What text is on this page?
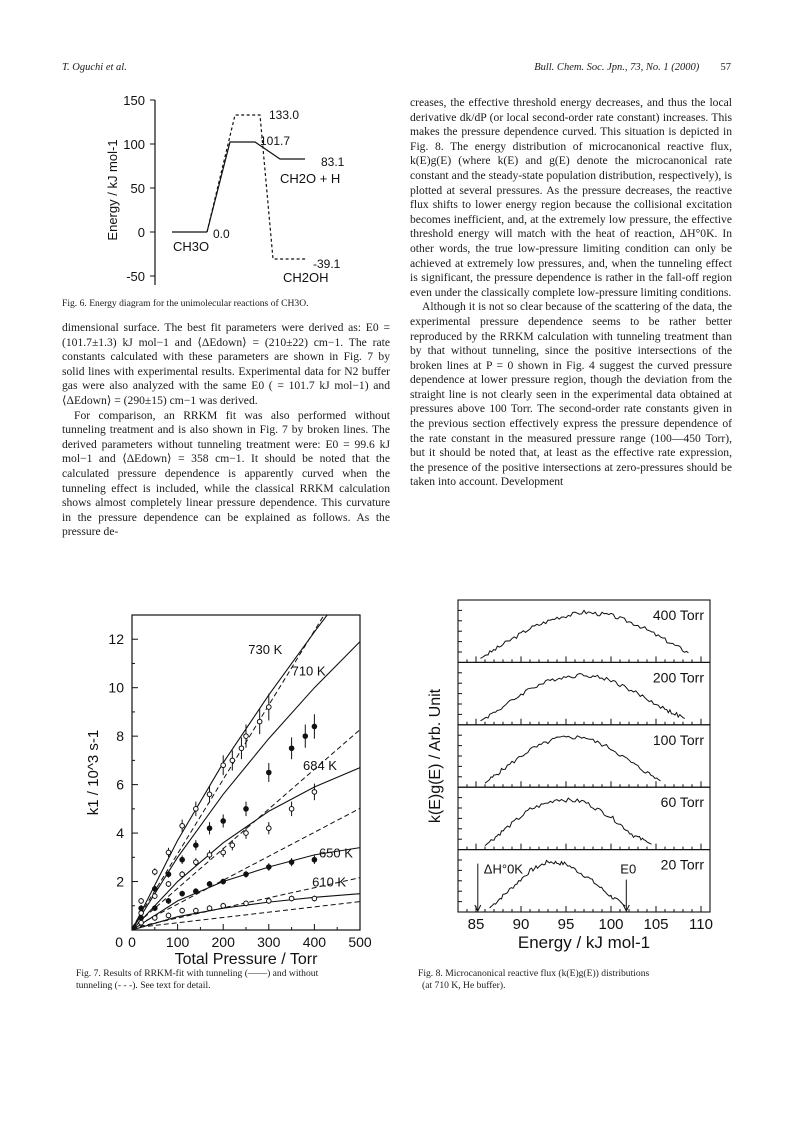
T. Oguchi et al.	Bull. Chem. Soc. Jpn., 73, No. 1 (2000) 57
150
100
50
0
-50
Energy / kJ mol-1
133.0
101.7
83.1
CH2O + H
0.0
CH3O
-39.1
CH2OH
Fig. 6. Energy diagram for the unimolecular reactions of CH3O.

dimensional surface. The best fit parameters were derived as: E0 = (101.7±1.3) kJ mol−1 and ⟨ΔEdown⟩ = (210±22) cm−1. The rate constants calculated with these parameters are shown in Fig. 7 by solid lines with experimental results. Experimental data for N2 buffer gas were also analyzed with the same E0 ( = 101.7 kJ mol−1) and ⟨ΔEdown⟩ = (290±15) cm−1 was derived.

For comparison, an RRKM fit was also performed without tunneling treatment and is also shown in Fig. 7 by broken lines. The derived parameters without tunneling treatment were: E0 = 99.6 kJ mol−1 and ⟨ΔEdown⟩ = 358 cm−1. It should be noted that the calculated pressure dependence is apparently curved when the tunneling effect is included, while the classical RRKM calculation shows almost completely linear pressure dependence. This curvature in the pressure dependence can be explained as follows. As the pressure de-

creases, the effective threshold energy decreases, and thus the local derivative dk/dP (or local second-order rate constant) increases. This makes the pressure dependence curved. This situation is depicted in Fig. 8. The energy distribution of microcanonical reactive flux, k(E)g(E) (where k(E) and g(E) denote the microcanonical rate constant and the steady-state population distribution, respectively), is plotted at several pressures. As the pressure decreases, the reactive flux shifts to lower energy region because the collisional excitation becomes inefficient, and, at the extremely low pressure, the effective threshold energy will match with the heat of reaction, ΔH°0K. In other words, the true low-pressure limiting condition can only be achieved at extremely low pressures, and, when the tunneling effect is significant, the pressure dependence is rather in the fall-off region even under the classically complete low-pressure limiting conditions.

Although it is not so clear because of the scattering of the data, the experimental pressure dependence seems to be rather better reproduced by the RRKM calculation with tunneling treatment than by that without tunneling, since the positive intersections of the broken lines at P = 0 shown in Fig. 4 suggest the curved pressure dependence at lower pressure region, though the deviation from the straight line is not clearly seen in the experimental data obtained at pressures above 100 Torr. The second-order rate constants given in the previous section effectively express the pressure dependence of the rate constant in the measured pressure range (100—450 Torr), but it should be noted that, at least as the effective rate expression, the presence of the positive intersections at zero-pressures should be taken into account. Development

0 100 200 300 400 500
2
4
6
8
10
12
0
Total Pressure / Torr
k1 / 10^3 s-1
730 K
710 K
684 K
650 K
610 K
Fig. 7. Results of RRKM-fit with tunneling (——) and without
tunneling (- - -). See text for detail.
400 Torr
200 Torr
100 Torr
60 Torr
20 Torr
ΔH°0K	E0
85 90 95 100 105 110
Energy / kJ mol-1
k(E)g(E) / Arb. Unit
Fig. 8. Microcanonical reactive flux (k(E)g(E)) distributions
(at 710 K, He buffer).
